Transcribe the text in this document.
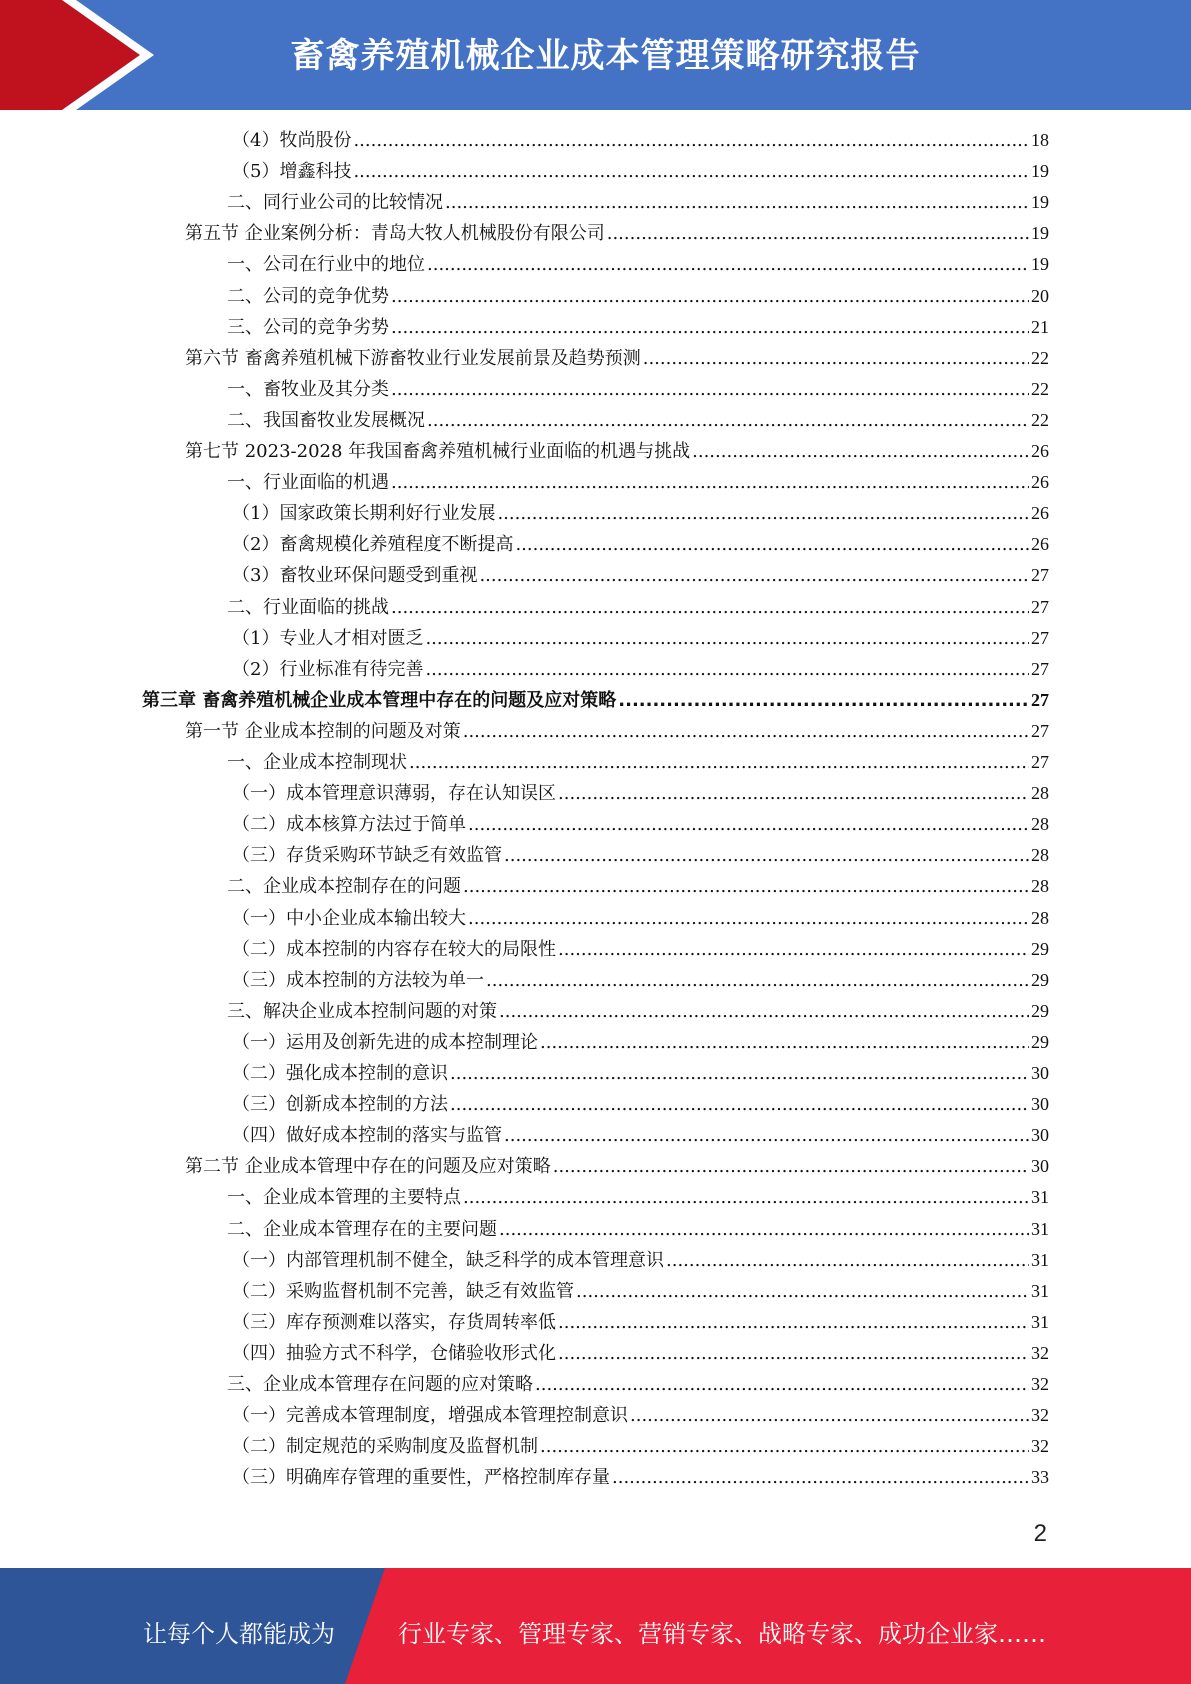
畜禽养殖机械企业成本管理策略研究报告
（4）牧尚股份 .....	18
（5）增鑫科技 .....	19
二、同行业公司的比较情况 .....	19
第五节 企业案例分析：青岛大牧人机械股份有限公司 .....	19
一、公司在行业中的地位 .....	19
二、公司的竞争优势 .....	20
三、公司的竞争劣势 .....	21
第六节 畜禽养殖机械下游畜牧业行业发展前景及趋势预测 .....	22
一、畜牧业及其分类 .....	22
二、我国畜牧业发展概况 .....	22
第七节 2023-2028 年我国畜禽养殖机械行业面临的机遇与挑战 .....	26
一、行业面临的机遇 .....	26
（1）国家政策长期利好行业发展 .....	26
（2）畜禽规模化养殖程度不断提高 .....	26
（3）畜牧业环保问题受到重视 .....	27
二、行业面临的挑战 .....	27
（1）专业人才相对匮乏 .....	27
（2）行业标准有待完善 .....	27
第三章 畜禽养殖机械企业成本管理中存在的问题及应对策略 .....	27
第一节 企业成本控制的问题及对策 .....	27
一、企业成本控制现状 .....	27
（一）成本管理意识薄弱，存在认知误区 .....	28
（二）成本核算方法过于简单 .....	28
（三）存货采购环节缺乏有效监管 .....	28
二、企业成本控制存在的问题 .....	28
（一）中小企业成本输出较大 .....	28
（二）成本控制的内容存在较大的局限性 .....	29
（三）成本控制的方法较为单一 .....	29
三、解决企业成本控制问题的对策 .....	29
（一）运用及创新先进的成本控制理论 .....	29
（二）强化成本控制的意识 .....	30
（三）创新成本控制的方法 .....	30
（四）做好成本控制的落实与监管 .....	30
第二节 企业成本管理中存在的问题及应对策略 .....	30
一、企业成本管理的主要特点 .....	31
二、企业成本管理存在的主要问题 .....	31
（一）内部管理机制不健全，缺乏科学的成本管理意识 .....	31
（二）采购监督机制不完善，缺乏有效监管 .....	31
（三）库存预测难以落实，存货周转率低 .....	31
（四）抽验方式不科学，仓储验收形式化 .....	32
三、企业成本管理存在问题的应对策略 .....	32
（一）完善成本管理制度，增强成本管理控制意识 .....	32
（二）制定规范的采购制度及监督机制 .....	32
（三）明确库存管理的重要性，严格控制库存量 .....	33
2
让每个人都能成为	行业专家、管理专家、营销专家、战略专家、成功企业家……
